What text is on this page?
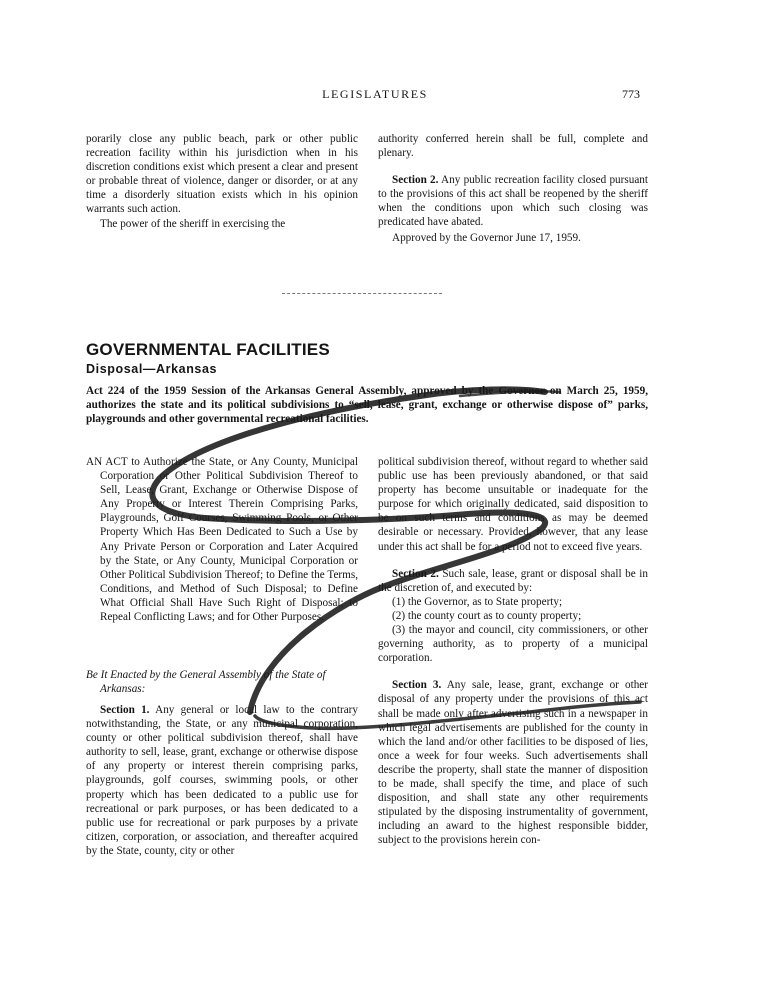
LEGISLATURES	773

porarily close any public beach, park or other public recreation facility within his jurisdiction when in his discretion conditions exist which present a clear and present or probable threat of violence, danger or disorder, or at any time a disorderly situation exists which in his opinion warrants such action.

The power of the sheriff in exercising the

authority conferred herein shall be full, complete and plenary.

Section 2. Any public recreation facility closed pursuant to the provisions of this act shall be reopened by the sheriff when the conditions upon which such closing was predicated have abated.

Approved by the Governor June 17, 1959.

GOVERNMENTAL FACILITIES
Disposal—Arkansas
Act 224 of the 1959 Session of the Arkansas General Assembly, approved by the Governor on March 25, 1959, authorizes the state and its political subdivisions to “sell, lease, grant, exchange or otherwise dispose of” parks, playgrounds and other governmental recreational facilities.
AN ACT to Authorize the State, or Any County, Municipal Corporation or Other Political Subdivision Thereof to Sell, Lease, Grant, Exchange or Otherwise Dispose of Any Property or Interest Therein Comprising Parks, Playgrounds, Golf Courses, Swimming Pools, or Other Property Which Has Been Dedicated to Such a Use by Any Private Person or Corporation and Later Acquired by the State, or Any County, Municipal Corporation or Other Political Subdivision Thereof; to Define the Terms, Conditions, and Method of Such Disposal; to Define What Official Shall Have Such Right of Disposal; to Repeal Conflicting Laws; and for Other Purposes.
Be It Enacted by the General Assembly of the State of Arkansas:

Section 1. Any general or local law to the contrary notwithstanding, the State, or any municipal corporation, county or other political subdivision thereof, shall have authority to sell, lease, grant, exchange or otherwise dispose of any property or interest therein comprising parks, playgrounds, golf courses, swimming pools, or other property which has been dedicated to a public use for recreational or park purposes, or has been dedicated to a public use for recreational or park purposes by a private citizen, corporation, or association, and thereafter acquired by the State, county, city or other

political subdivision thereof, without regard to whether said public use has been previously abandoned, or that said property has become unsuitable or inadequate for the purpose for which originally dedicated, said disposition to be on such terms and conditions as may be deemed desirable or necessary. Provided, however, that any lease under this act shall be for a period not to exceed five years.

Section 2. Such sale, lease, grant or disposal shall be in the discretion of, and executed by:

(1) the Governor, as to State property;

(2) the county court as to county property;

(3) the mayor and council, city commissioners, or other governing authority, as to property of a municipal corporation.

Section 3. Any sale, lease, grant, exchange or other disposal of any property under the provisions of this act shall be made only after advertising such in a newspaper in which legal advertisements are published for the county in which the land and/or other facilities to be disposed of lies, once a week for four weeks. Such advertisements shall describe the property, shall state the manner of disposition to be made, shall specify the time, and place of such disposition, and shall state any other requirements stipulated by the disposing instrumentality of government, including an award to the highest responsible bidder, subject to the provisions herein con-
